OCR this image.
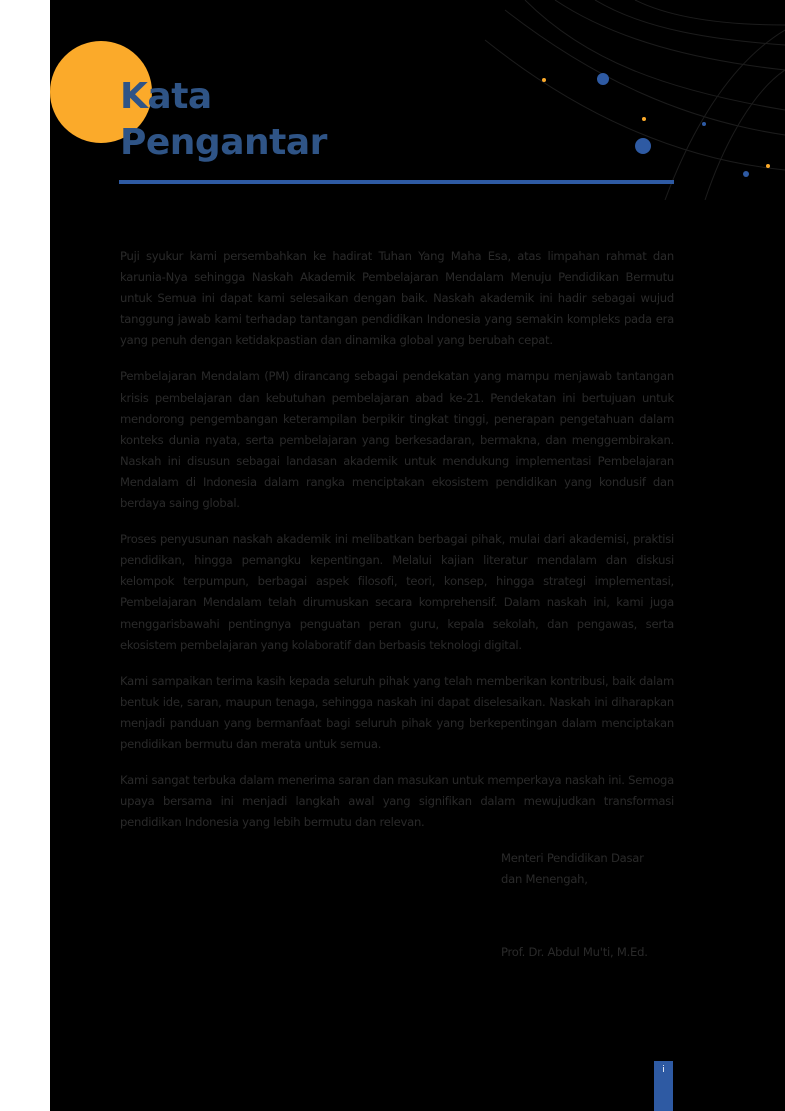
Kata
Pengantar

Puji syukur kami persembahkan ke hadirat Tuhan Yang Maha Esa, atas limpahan rahmat dan karunia-Nya sehingga Naskah Akademik Pembelajaran Mendalam Menuju Pendidikan Bermutu untuk Semua ini dapat kami selesaikan dengan baik. Naskah akademik ini hadir sebagai wujud tanggung jawab kami terhadap tantangan pendidikan Indonesia yang semakin kompleks pada era yang penuh dengan ketidakpastian dan dinamika global yang berubah cepat.

Pembelajaran Mendalam (PM) dirancang sebagai pendekatan yang mampu menjawab tantangan krisis pembelajaran dan kebutuhan pembelajaran abad ke-21. Pendekatan ini bertujuan untuk mendorong pengembangan keterampilan berpikir tingkat tinggi, penerapan pengetahuan dalam konteks dunia nyata, serta pembelajaran yang berkesadaran, bermakna, dan menggembirakan. Naskah ini disusun sebagai landasan akademik untuk mendukung implementasi Pembelajaran Mendalam di Indonesia dalam rangka menciptakan ekosistem pendidikan yang kondusif dan berdaya saing global.

Proses penyusunan naskah akademik ini melibatkan berbagai pihak, mulai dari akademisi, praktisi pendidikan, hingga pemangku kepentingan. Melalui kajian literatur mendalam dan diskusi kelompok terpumpun, berbagai aspek filosofi, teori, konsep, hingga strategi implementasi, Pembelajaran Mendalam telah dirumuskan secara komprehensif. Dalam naskah ini, kami juga menggarisbawahi pentingnya penguatan peran guru, kepala sekolah, dan pengawas, serta ekosistem pembelajaran yang kolaboratif dan berbasis teknologi digital.

Kami sampaikan terima kasih kepada seluruh pihak yang telah memberikan kontribusi, baik dalam bentuk ide, saran, maupun tenaga, sehingga naskah ini dapat diselesaikan. Naskah ini diharapkan menjadi panduan yang bermanfaat bagi seluruh pihak yang berkepentingan dalam menciptakan pendidikan bermutu dan merata untuk semua.

Kami sangat terbuka dalam menerima saran dan masukan untuk memperkaya naskah ini. Semoga upaya bersama ini menjadi langkah awal yang signifikan dalam mewujudkan transformasi pendidikan Indonesia yang lebih bermutu dan relevan.

Menteri Pendidikan Dasar
dan Menengah,
Prof. Dr. Abdul Mu'ti, M.Ed.
i
